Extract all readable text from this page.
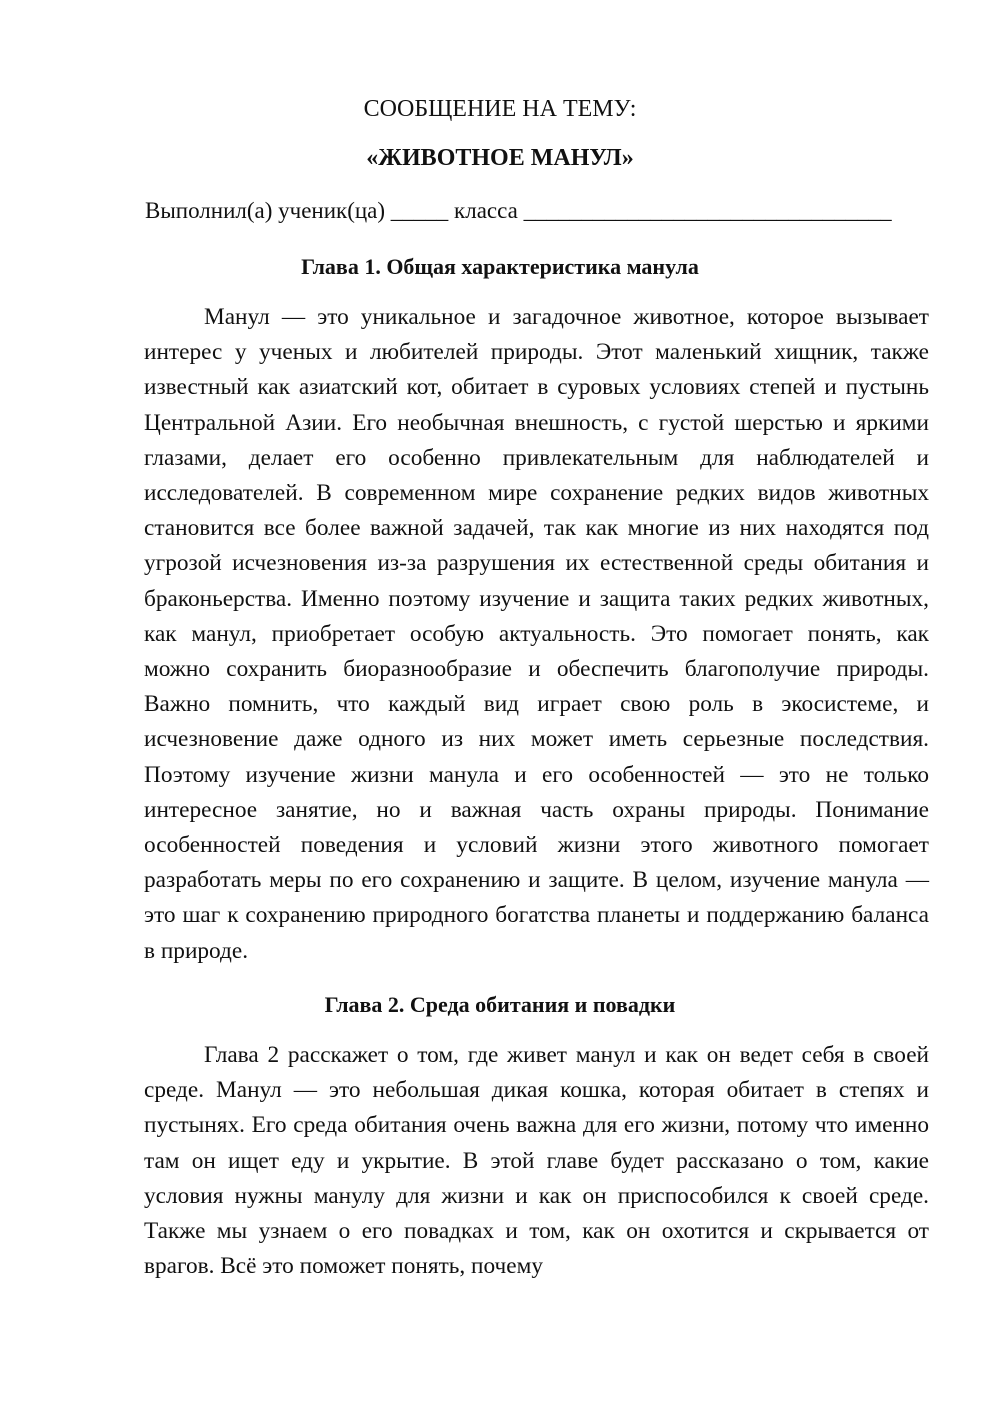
СООБЩЕНИЕ НА ТЕМУ:

«ЖИВОТНОЕ МАНУЛ»

Выполнил(а) ученик(ца) _____ класса ________________________________

Глава 1. Общая характеристика манула

Манул — это уникальное и загадочное животное, которое вызывает интерес у ученых и любителей природы. Этот маленький хищник, также известный как азиатский кот, обитает в суровых условиях степей и пустынь Центральной Азии. Его необычная внешность, с густой шерстью и яркими глазами, делает его особенно привлекательным для наблюдателей и исследователей. В современном мире сохранение редких видов животных становится все более важной задачей, так как многие из них находятся под угрозой исчезновения из-за разрушения их естественной среды обитания и браконьерства. Именно поэтому изучение и защита таких редких животных, как манул, приобретает особую актуальность. Это помогает понять, как можно сохранить биоразнообразие и обеспечить благополучие природы. Важно помнить, что каждый вид играет свою роль в экосистеме, и исчезновение даже одного из них может иметь серьезные последствия. Поэтому изучение жизни манула и его особенностей — это не только интересное занятие, но и важная часть охраны природы. Понимание особенностей поведения и условий жизни этого животного помогает разработать меры по его сохранению и защите. В целом, изучение манула — это шаг к сохранению природного богатства планеты и поддержанию баланса в природе.

Глава 2. Среда обитания и повадки

Глава 2 расскажет о том, где живет манул и как он ведет себя в своей среде. Манул — это небольшая дикая кошка, которая обитает в степях и пустынях. Его среда обитания очень важна для его жизни, потому что именно там он ищет еду и укрытие. В этой главе будет рассказано о том, какие условия нужны манулу для жизни и как он приспособился к своей среде. Также мы узнаем о его повадках и том, как он охотится и скрывается от врагов. Всё это поможет понять, почему
